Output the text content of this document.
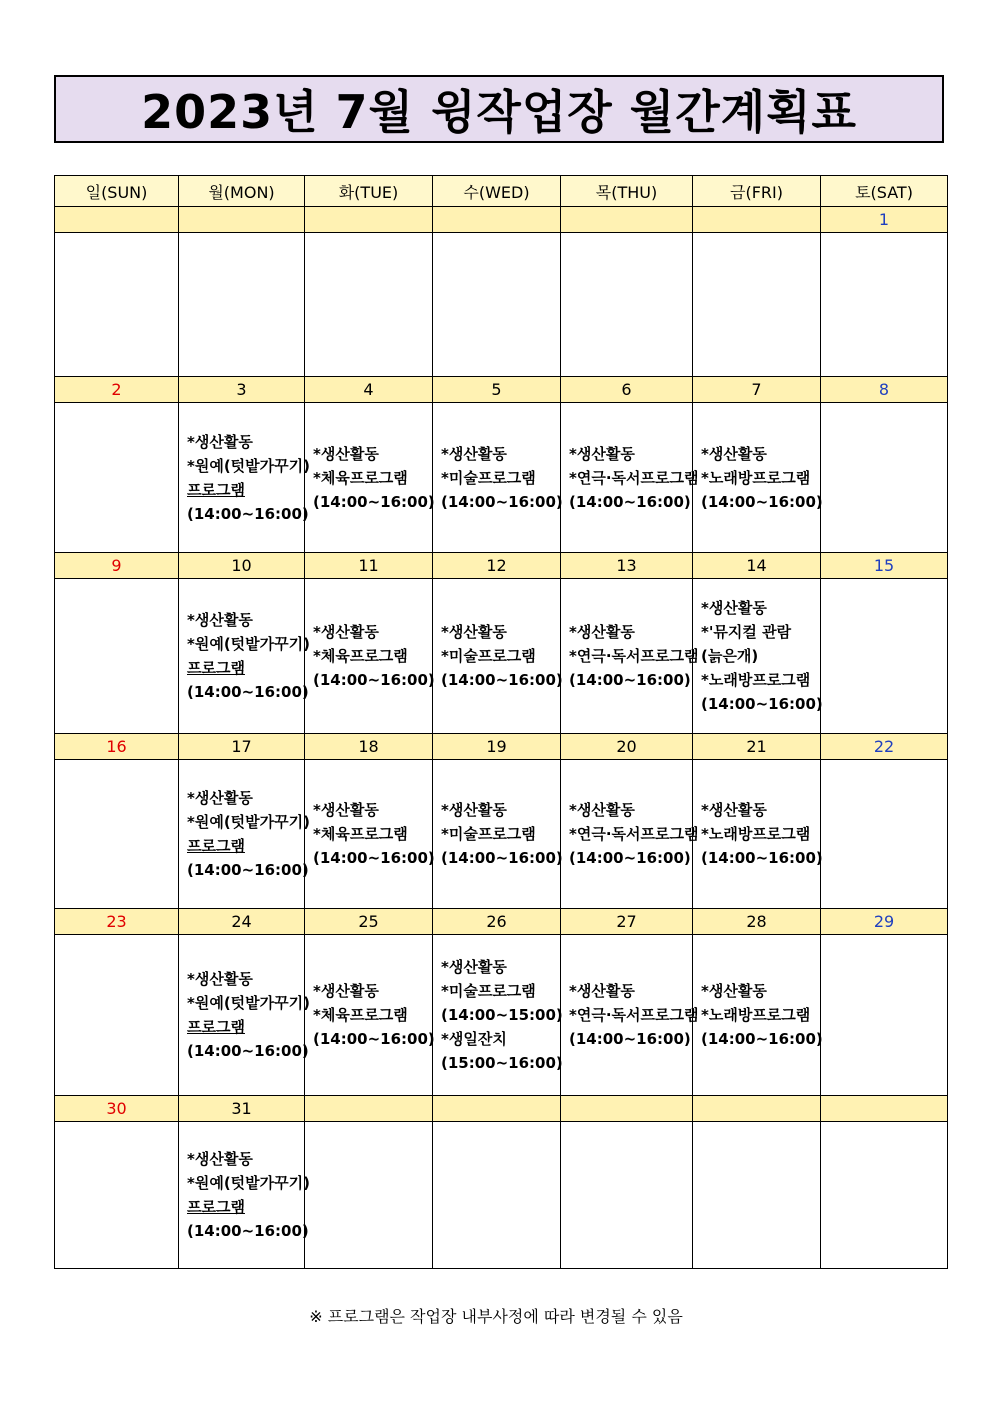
2023년 7월 윙작업장 월간계획표
일(SUN)	월(MON)	화(TUE)	수(WED)	목(THU)	금(FRI)	토(SAT)
						1

2	3	4	5	6	7	8

	*생산활동
*원예(텃밭가꾸기)
프로그램
(14:00~16:00)	*생산활동
*체육프로그램
(14:00~16:00)	*생산활동
*미술프로그램
(14:00~16:00)	*생산활동
*연극·독서프로그램
(14:00~16:00)	*생산활동
*노래방프로그램
(14:00~16:00)	

9	10	11	12	13	14	15

	*생산활동
*원예(텃밭가꾸기)
프로그램
(14:00~16:00)	*생산활동
*체육프로그램
(14:00~16:00)	*생산활동
*미술프로그램
(14:00~16:00)	*생산활동
*연극·독서프로그램
(14:00~16:00)	*생산활동
*'뮤지컬 관람
(늙은개)
*노래방프로그램
(14:00~16:00)	

16	17	18	19	20	21	22

	*생산활동
*원예(텃밭가꾸기)
프로그램
(14:00~16:00)	*생산활동
*체육프로그램
(14:00~16:00)	*생산활동
*미술프로그램
(14:00~16:00)	*생산활동
*연극·독서프로그램
(14:00~16:00)	*생산활동
*노래방프로그램
(14:00~16:00)	

23	24	25	26	27	28	29

	*생산활동
*원예(텃밭가꾸기)
프로그램
(14:00~16:00)	*생산활동
*체육프로그램
(14:00~16:00)	*생산활동
*미술프로그램
(14:00~15:00)
*생일잔치
(15:00~16:00)	*생산활동
*연극·독서프로그램
(14:00~16:00)	*생산활동
*노래방프로그램
(14:00~16:00)	

30	31					

	*생산활동
*원예(텃밭가꾸기)
프로그램
(14:00~16:00)					

※ 프로그램은 작업장 내부사정에 따라 변경될 수 있음
